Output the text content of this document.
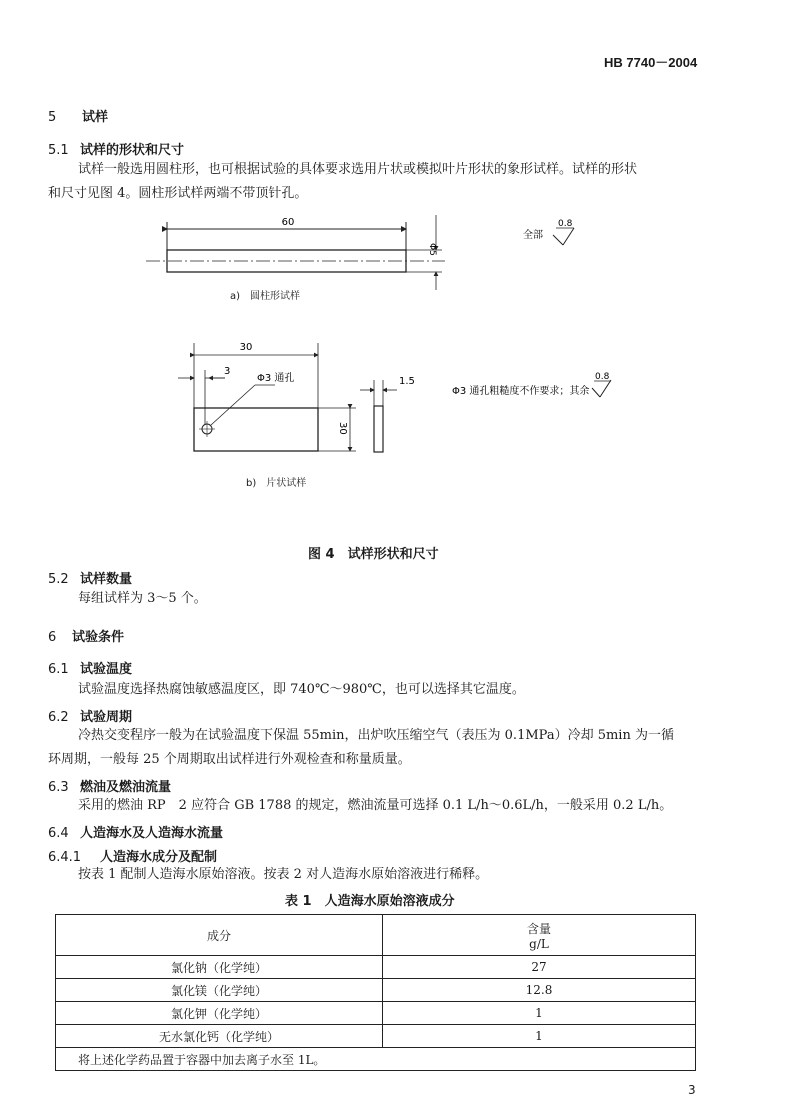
HB 7740－2004
5 试样
5.1 试样的形状和尺寸
试样一般选用圆柱形，也可根据试验的具体要求选用片状或模拟叶片形状的象形试样。试样的形状
和尺寸见图 4。圆柱形试样两端不带顶针孔。
60
Φ5
全部
0.8
30
3
Φ3 通孔	1.5
30
Φ3 通孔粗糙度不作要求；其余
0.8
a)　圆柱形试样
b)　片状试样
图 4　试样形状和尺寸
5.2 试样数量
每组试样为 3～5 个。
6 试验条件
6.1 试验温度
试验温度选择热腐蚀敏感温度区，即 740℃～980℃，也可以选择其它温度。
6.2 试验周期
冷热交变程序一般为在试验温度下保温 55min，出炉吹压缩空气（表压为 0.1MPa）冷却 5min 为一循
环周期，一般每 25 个周期取出试样进行外观检查和称量质量。
6.3 燃油及燃油流量
采用的燃油 RP　2 应符合 GB 1788 的规定，燃油流量可选择 0.1 L/h～0.6L/h，一般采用 0.2 L/h。
6.4 人造海水及人造海水流量
6.4.1 人造海水成分及配制
按表 1 配制人造海水原始溶液。按表 2 对人造海水原始溶液进行稀释。
表 1　人造海水原始溶液成分
成分	含量
g/L

氯化钠（化学纯）	27
氯化镁（化学纯）	12.8
氯化钾（化学纯）	1
无水氯化钙（化学纯）	1
将上述化学药品置于容器中加去离子水至 1L。	
3
